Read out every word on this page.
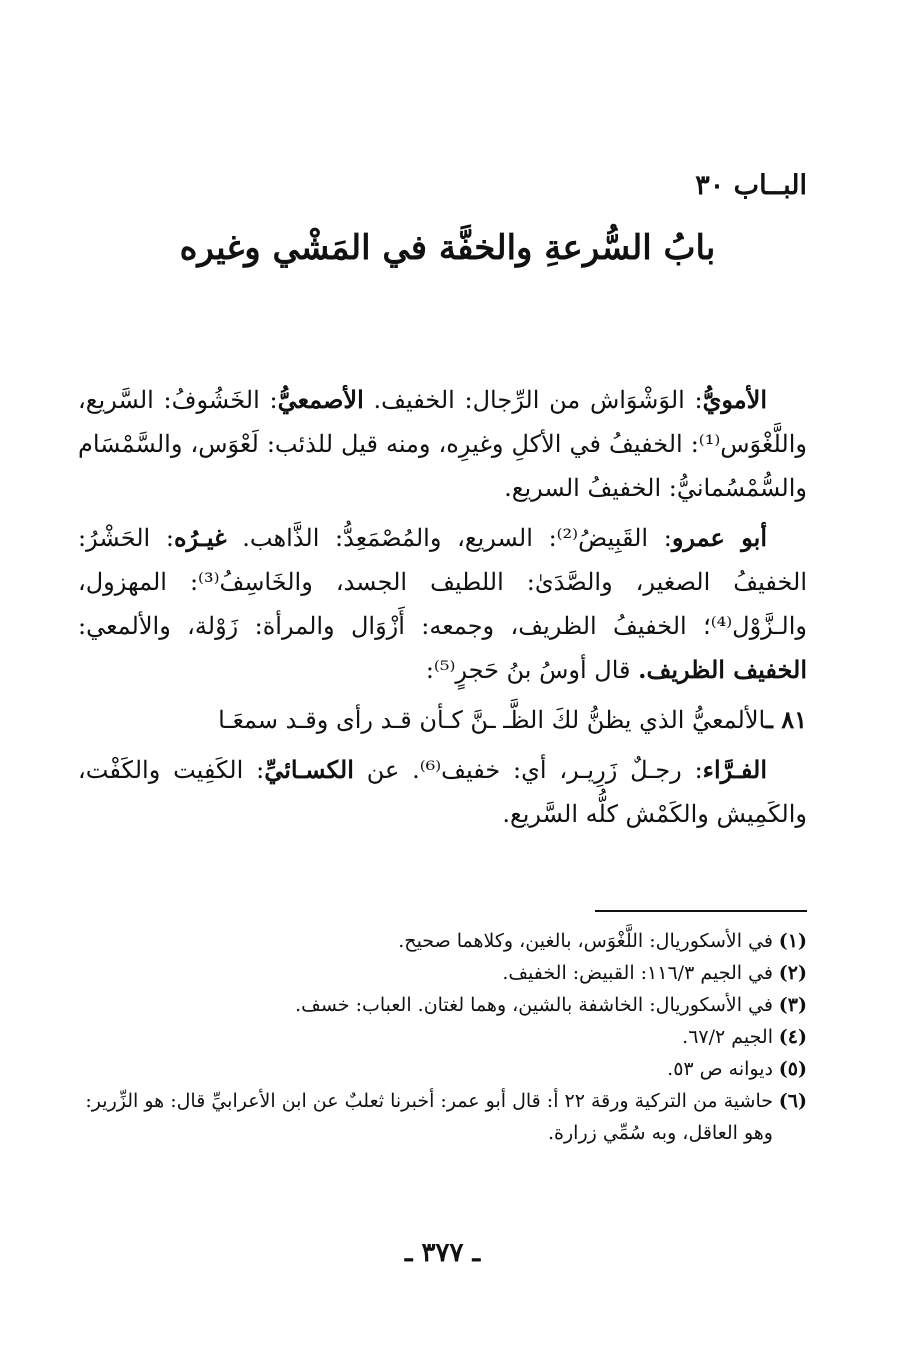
البــاب ٣٠
بابُ السُّرعةِ والخفَّة في المَشْي وغيره

الأمويُّ: الوَشْوَاش من الرِّجال: الخفيف. الأصمعيُّ: الخَشُوفُ: السَّريع، واللَّغْوَس⁽¹⁾: الخفيفُ في الأكلِ وغيرِه، ومنه قيل للذئب: لَعْوَس، والسَّمْسَام والسُّمْسُمانيُّ: الخفيفُ السريع.

أبو عمرو: القَبِيضُ⁽²⁾: السريع، والمُصْمَعِدُّ: الذَّاهب. غيـرُه: الحَشْرُ: الخفيفُ الصغير، والصَّدَىٰ: اللطيف الجسد، والخَاسِفُ⁽³⁾: المهزول، والـزَّوْل⁽⁴⁾؛ الخفيفُ الظريف، وجمعه: أَزْوَال والمرأة: زَوْلة، والألمعي: الخفيف الظريف. قال أوسُ بنُ حَجرٍ⁽⁵⁾:

٨١ ـالألمعيُّ الذي يظنُّ لكَ الظَّـ ـنَّ كـأن قـد رأى وقـد سمعَـا

الفـرَّاء: رجـلٌ زَرِيـر، أي: خفيف⁽⁶⁾. عن الكسـائيِّ: الكَفِيت والكَفْت، والكَمِيش والكَمْش كلُّه السَّريع.

(١)في الأسكوريال: اللَّغْوَس، بالغين، وكلاهما صحيح.

(٢)في الجيم ١١٦/٣: القبيض: الخفيف.

(٣)في الأسكوريال: الخاشفة بالشين، وهما لغتان. العباب: خسف.

(٤)الجيم ٦٧/٢.

(٥)ديوانه ص ٥٣.

(٦)حاشية من التركية ورقة ٢٢ أ: قال أبو عمر: أخبرنا ثعلبٌ عن ابن الأعرابيِّ قال: هو الزِّرير: وهو العاقل، وبه سُمِّي زرارة.

ـ ٣٧٧ ـ
